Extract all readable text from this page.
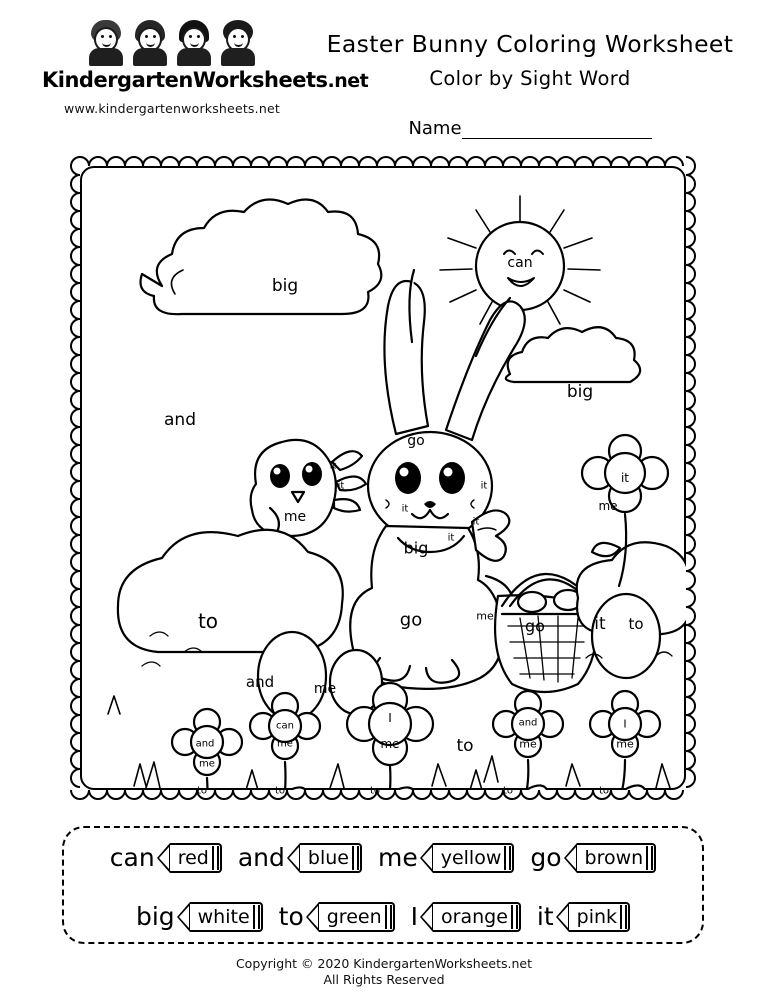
KindergartenWorksheets.net
www.kindergartenworksheets.net
Easter Bunny Coloring Worksheet
Color by Sight Word
Name
big
can
big
and
it
it
me
go
it
it
it
it
big
it
me
to	go	me
go	it to
and	me
and
me
to
can
me
to
I
me
to
to
and
me
to
I
me
to
can red and blue me yellow go brown
big white to green I orange it pink
Copyright © 2020 KindergartenWorksheets.net
All Rights Reserved
